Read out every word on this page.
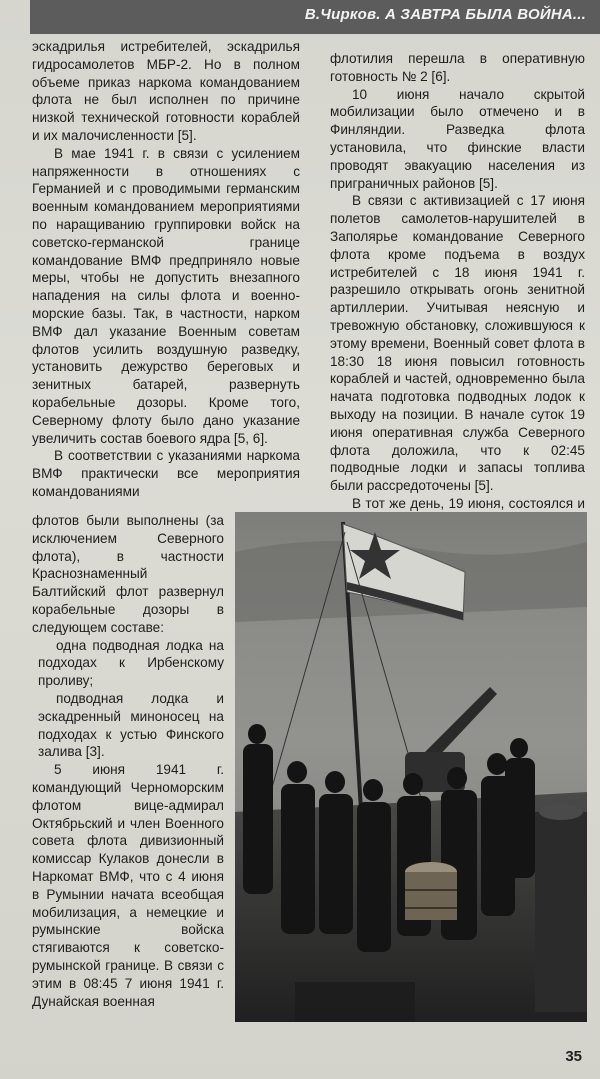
В.Чирков. А ЗАВТРА БЫЛА ВОЙНА...

эскадрилья истребителей, эскадрилья гидросамолетов МБР-2. Но в полном объеме приказ наркома командованием флота не был исполнен по причине низкой технической готовности кораблей и их малочисленности [5].

В мае 1941 г. в связи с усилением напряженности в отношениях с Германией и с проводимыми германским военным командованием мероприятиями по наращиванию группировки войск на советско-германской границе командование ВМФ предприняло новые меры, чтобы не допустить внезапного нападения на силы флота и военно-морские базы. Так, в частности, нарком ВМФ дал указание Военным советам флотов усилить воздушную разведку, установить дежурство береговых и зенитных батарей, развернуть корабельные дозоры. Кроме того, Северному флоту было дано указание увеличить состав боевого ядра [5, 6].

В соответствии с указаниями наркома ВМФ практически все мероприятия командованиями

флотов были выполнены (за исключением Северного флота), в частности Краснознаменный Балтийский флот развернул корабельные дозоры в следующем составе:

одна подводная лодка на подходах к Ирбенскому проливу;

подводная лодка и эскадренный миноносец на подходах к устью Финского залива [3].

5 июня 1941 г. командующий Черноморским флотом вице-адмирал Октябрьский и член Военного совета флота дивизионный комиссар Кулаков донесли в Наркомат ВМФ, что с 4 июня в Румынии начата всеобщая мобилизация, а немецкие и румынские войска стягиваются к советско-румынской границе. В связи с этим в 08:45 7 июня 1941 г. Дунайская военная

флотилия перешла в оперативную готовность № 2 [6].

10 июня начало скрытой мобилизации было отмечено и в Финляндии. Разведка флота установила, что финские власти проводят эвакуацию населения из приграничных районов [5].

В связи с активизацией с 17 июня полетов самолетов-нарушителей в Заполярье командование Северного флота кроме подъема в воздух истребителей с 18 июня 1941 г. разрешило открывать огонь зенитной артиллерии. Учитывая неясную и тревожную обстановку, сложившуюся к этому времени, Военный совет флота в 18:30 18 июня повысил готовность кораблей и частей, одновременно была начата подготовка подводных лодок к выходу на позиции. В начале суток 19 июня оперативная служба Северного флота доложила, что к 02:45 подводные лодки и запасы топлива были рассредоточены [5].

В тот же день, 19 июня, состоялся и

35
